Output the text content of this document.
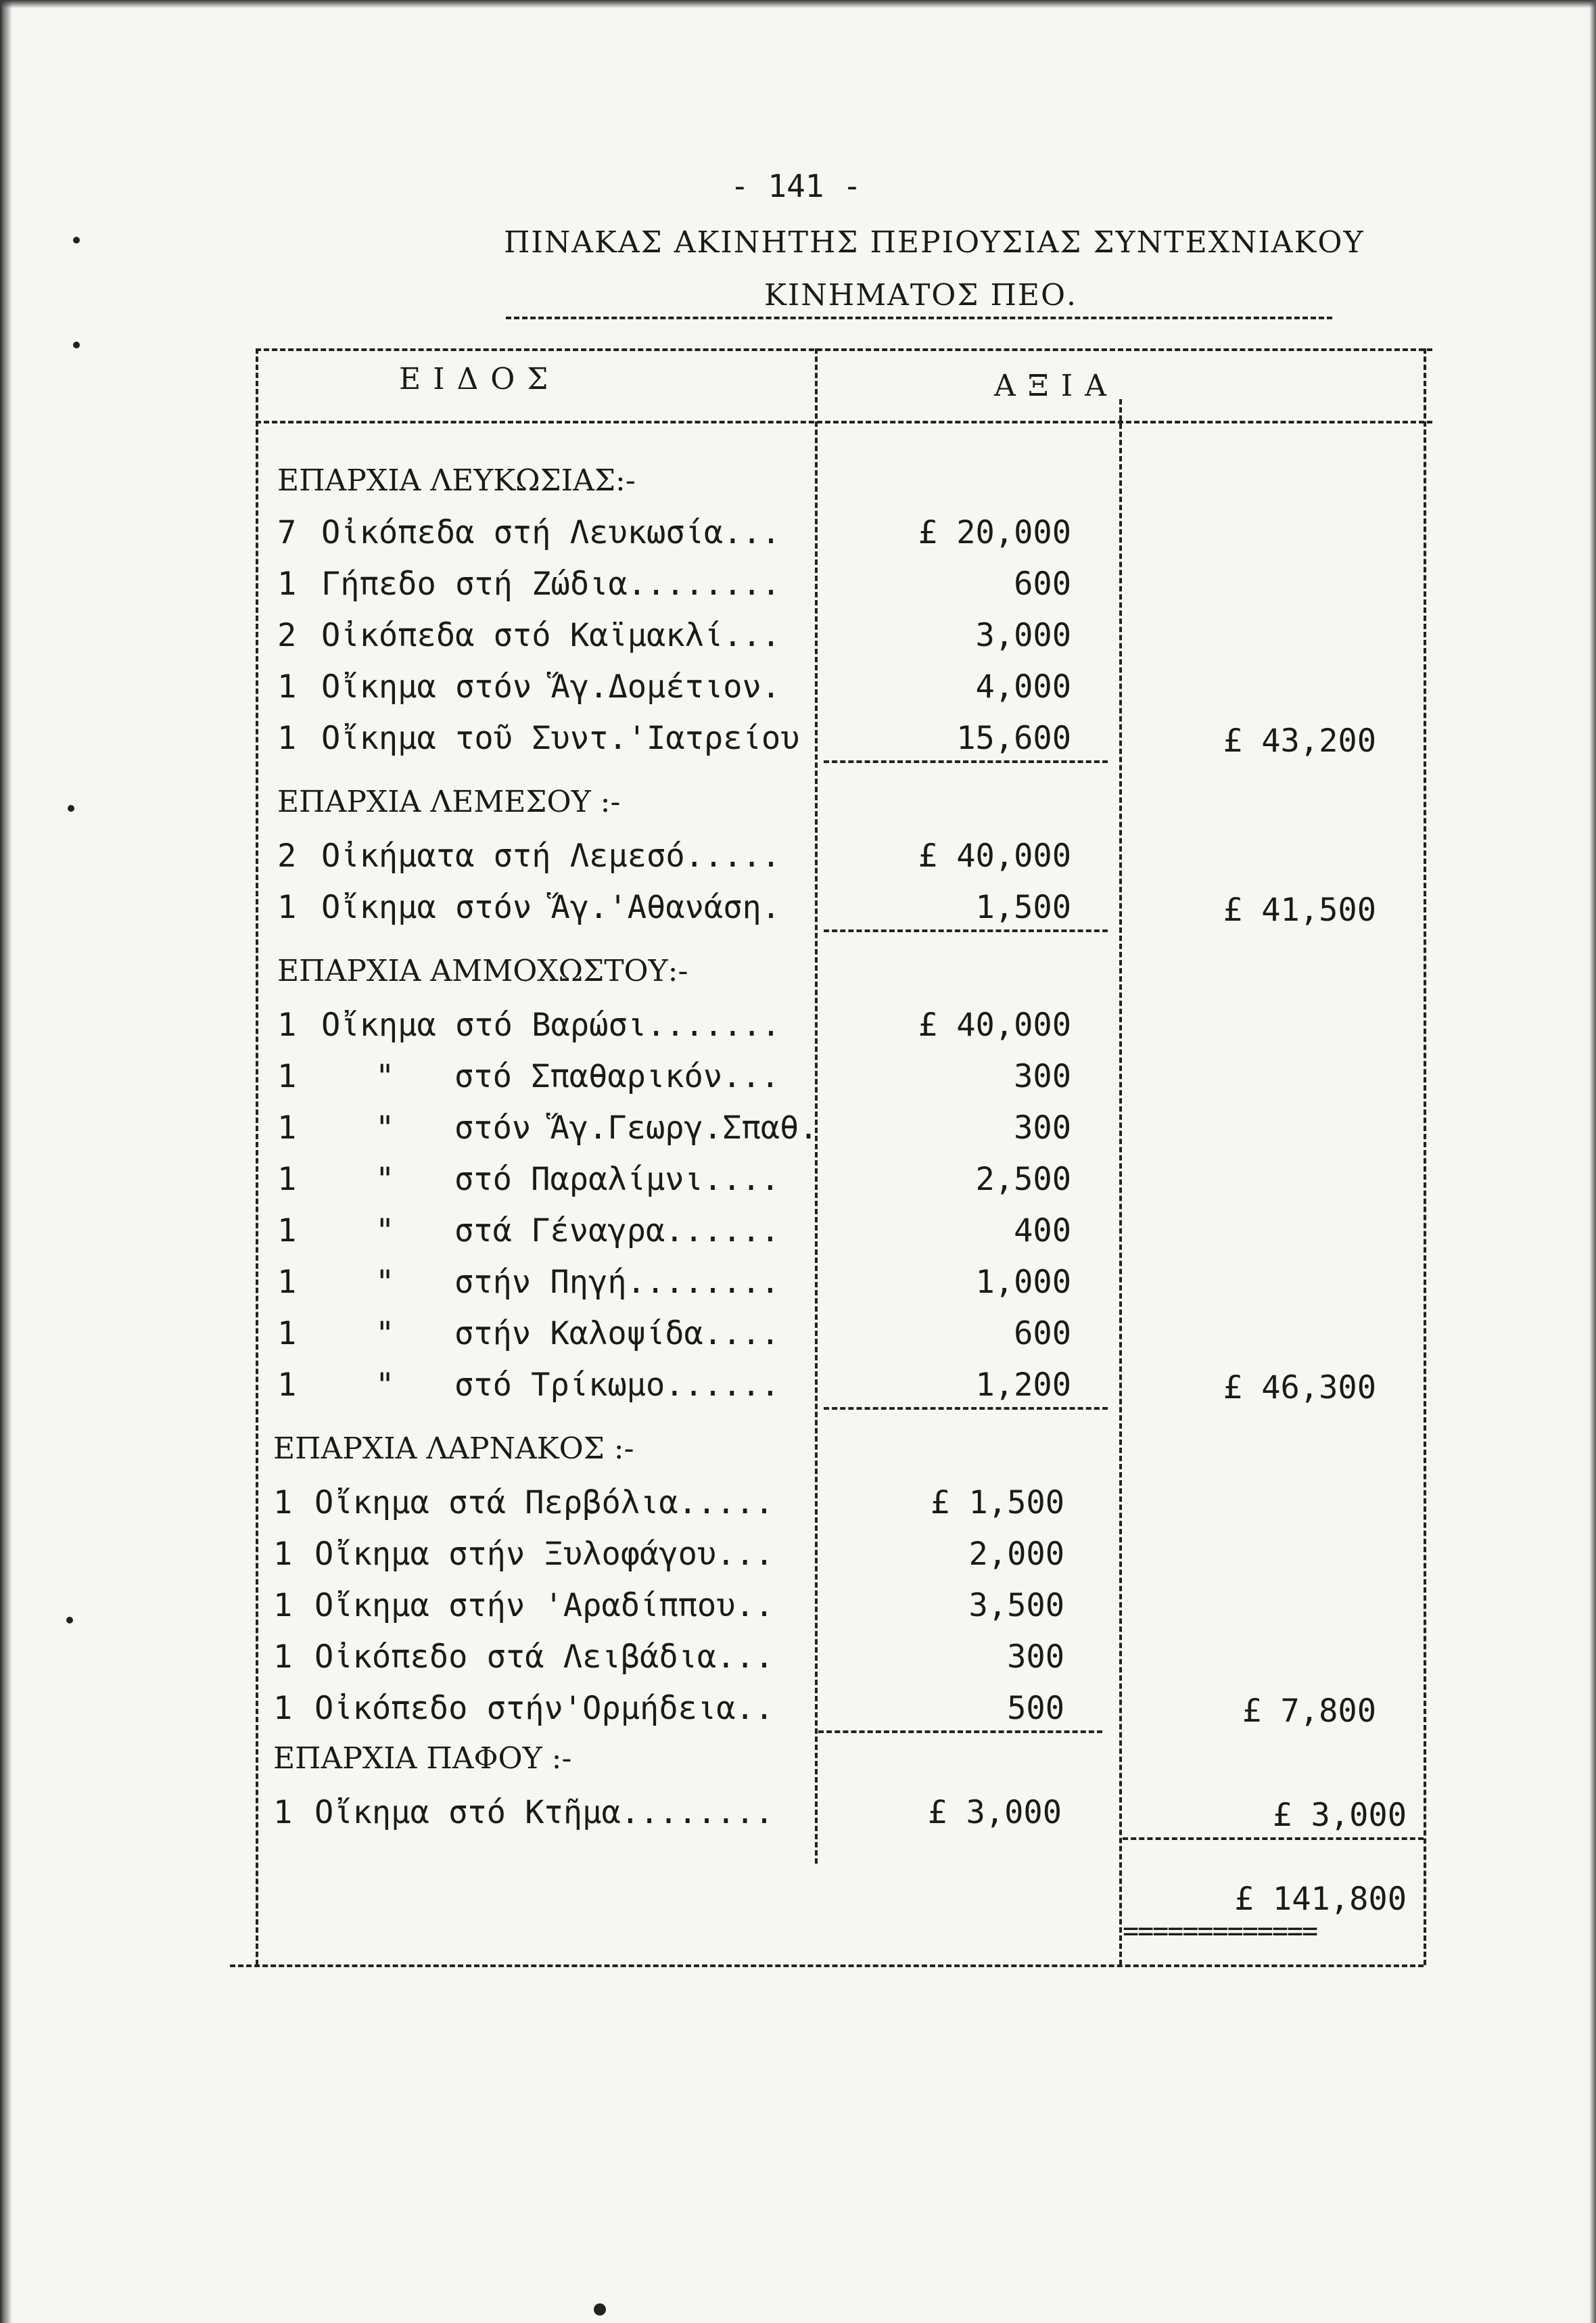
- 141 -
ΠΙΝΑΚΑΣ ΑΚΙΝΗΤΗΣ ΠΕΡΙΟΥΣΙΑΣ ΣΥΝΤΕΧΝΙΑΚΟΥ
ΚΙΝΗΜΑΤΟΣ ΠΕΟ.
Ε Ι Δ Ο Σ	Α Ξ Ι Α
ΕΠΑΡΧΙΑ ΛΕΥΚΩΣΙΑΣ:-
7 Οἰκόπεδα στή Λευκωσία...	£ 20,000
1 Γήπεδο στή Ζώδια........	600
2 Οἰκόπεδα στό Καϊμακλί...	3,000
1 Οἴκημα στόν Ἅγ.Δομέτιον.	4,000
1 Οἴκημα τοῦ Συντ.'Ιατρείου	15,600	£ 43,200
ΕΠΑΡΧΙΑ ΛΕΜΕΣΟΥ :-
2 Οἰκήματα στή Λεμεσό.....	£ 40,000
1 Οἴκημα στόν Ἅγ.'Αθανάση.	1,500	£ 41,500
ΕΠΑΡΧΙΑ ΑΜΜΟΧΩΣΤΟΥ:-
1 Οἴκημα στό Βαρώσι.......	£ 40,000
1 " στό Σπαθαρικόν...	300
1 " στόν Ἅγ.Γεωργ.Σπαθ.	300
1 " στό Παραλίμνι....	2,500
1 " στά Γέναγρα......	400
1 " στήν Πηγή........	1,000
1 " στήν Καλοψίδα....	600
1 " στό Τρίκωμο......	1,200	£ 46,300
ΕΠΑΡΧΙΑ ΛΑΡΝΑΚΟΣ :-
1 Οἴκημα στά Περβόλια.....	£ 1,500
1 Οἴκημα στήν Ξυλοφάγου...	2,000
1 Οἴκημα στήν 'Αραδίππου..	3,500
1 Οἰκόπεδο στά Λειβάδια...	300
1 Οἰκόπεδο στήν'Ορμήδεια..	500	£ 7,800
ΕΠΑΡΧΙΑ ΠΑΦΟΥ :-
1 Οἴκημα στό Κτῆμα........	£ 3,000	£ 3,000
£ 141,800
=============
